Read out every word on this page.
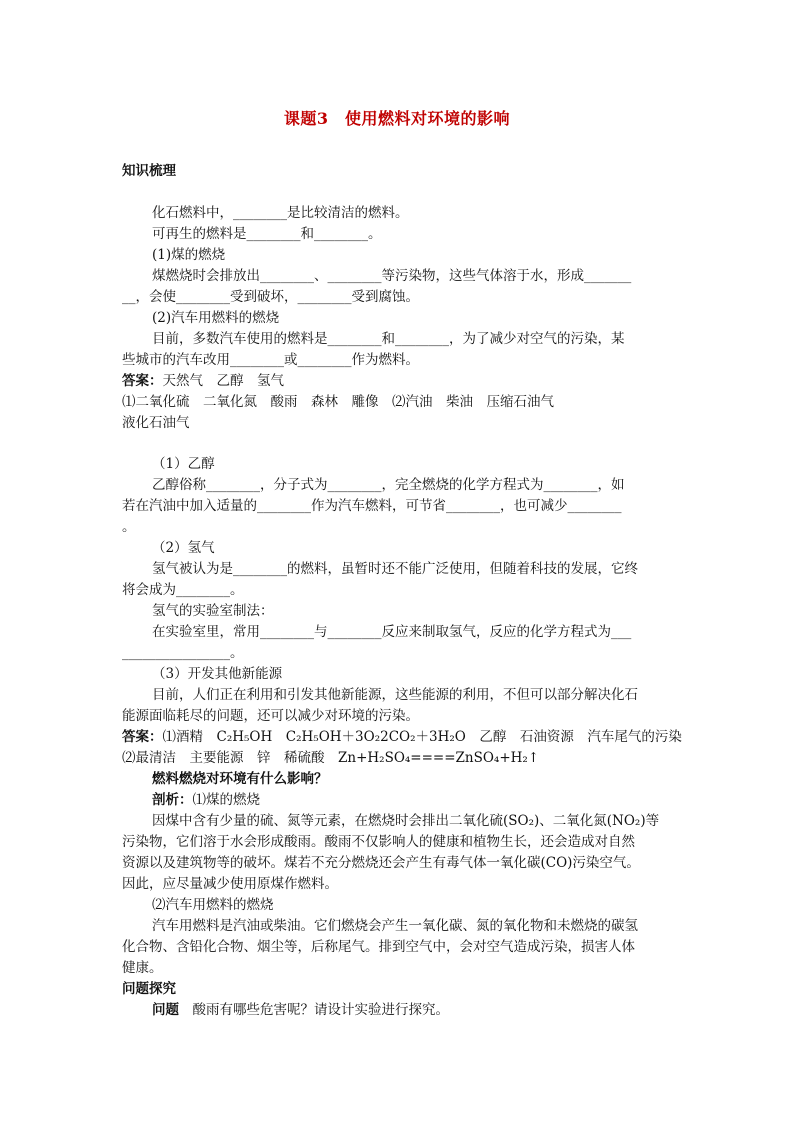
课题3　使用燃料对环境的影响
知识梳理
化石燃料中，________是比较清洁的燃料。
可再生的燃料是________和________。
(1)煤的燃烧
煤燃烧时会排放出________、________等污染物，这些气体溶于水，形成_______
__，会使________受到破坏，________受到腐蚀。
(2)汽车用燃料的燃烧
目前，多数汽车使用的燃料是________和________，为了减少对空气的污染，某
些城市的汽车改用________或________作为燃料。
答案：天然气　乙醇　氢气
⑴二氧化硫　二氧化氮　酸雨　森林　雕像　⑵汽油　柴油　压缩石油气
液化石油气
（1）乙醇
乙醇俗称________，分子式为________，完全燃烧的化学方程式为________，如
若在汽油中加入适量的________作为汽车燃料，可节省________，也可减少________
。
（2）氢气
氢气被认为是________的燃料，虽暂时还不能广泛使用，但随着科技的发展，它终
将会成为________。
氢气的实验室制法：
在实验室里，常用________与________反应来制取氢气，反应的化学方程式为___
________________。
（3）开发其他新能源
目前，人们正在利用和引发其他新能源，这些能源的利用，不但可以部分解决化石
能源面临耗尽的问题，还可以减少对环境的污染。
答案：⑴酒精　C₂H₅OH　C₂H₅OH＋3O₂2CO₂＋3H₂O　乙醇　石油资源　汽车尾气的污染
⑵最清洁　主要能源　锌　稀硫酸　Zn+H₂SO₄====ZnSO₄+H₂↑
燃料燃烧对环境有什么影响？
剖析：⑴煤的燃烧
因煤中含有少量的硫、氮等元素，在燃烧时会排出二氧化硫(SO₂)、二氧化氮(NO₂)等
污染物，它们溶于水会形成酸雨。酸雨不仅影响人的健康和植物生长，还会造成对自然
资源以及建筑物等的破坏。煤若不充分燃烧还会产生有毒气体一氧化碳(CO)污染空气。
因此，应尽量减少使用原煤作燃料。
⑵汽车用燃料的燃烧
汽车用燃料是汽油或柴油。它们燃烧会产生一氧化碳、氮的氧化物和未燃烧的碳氢
化合物、含铅化合物、烟尘等，后称尾气。排到空气中，会对空气造成污染，损害人体
健康。
问题探究
问题　 酸雨有哪些危害呢？请设计实验进行探究。
